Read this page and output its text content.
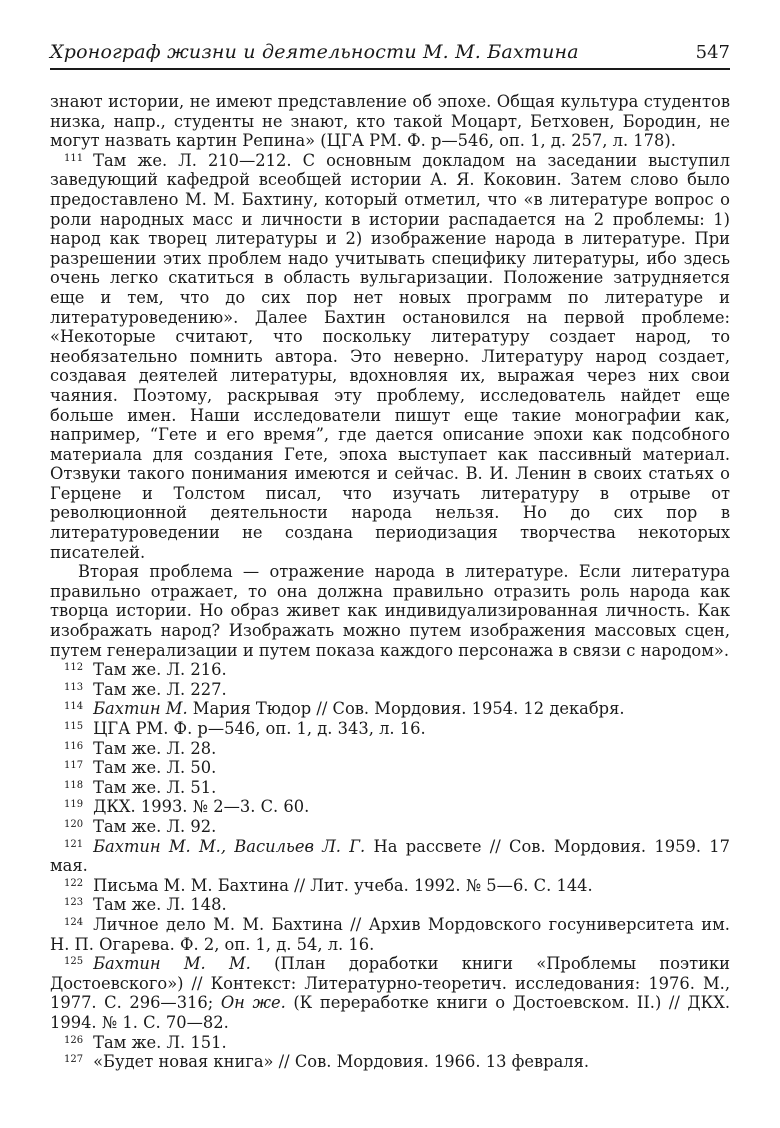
Хронограф жизни и деятельности М. М. Бахтина	547

знают истории, не имеют представление об эпохе. Общая культура студентов низка, напр., студенты не знают, кто такой Моцарт, Бетховен, Бородин, не могут назвать картин Репина» (ЦГА РМ. Ф. р—546, оп. 1, д. 257, л. 178).

$^{111}$ Там же. Л. 210—212. С основным докладом на заседании выступил заведующий кафедрой всеобщей истории А. Я. Коковин. Затем слово было предоставлено М. М. Бахтину, который отметил, что «в литературе вопрос о роли народных масс и личности в истории распадается на 2 проблемы: 1) народ как творец литературы и 2) изображение народа в литературе. При разрешении этих проблем надо учитывать специфику литературы, ибо здесь очень легко скатиться в область вульгаризации. Положение затрудняется еще и тем, что до сих пор нет новых программ по литературе и литературоведению». Далее Бахтин остановился на первой проблеме: «Некоторые считают, что поскольку литературу создает народ, то необязательно помнить автора. Это неверно. Литературу народ создает, создавая деятелей литературы, вдохновляя их, выражая через них свои чаяния. Поэтому, раскрывая эту проблему, исследователь найдет еще больше имен. Наши исследователи пишут еще такие монографии как, например, “Гете и его время”, где дается описание эпохи как подсобного материала для создания Гете, эпоха выступает как пассивный материал. Отзвуки такого понимания имеются и сейчас. В. И. Ленин в своих статьях о Герцене и Толстом писал, что изучать литературу в отрыве от революционной деятельности народа нельзя. Но до сих пор в литературоведении не создана периодизация творчества некоторых писателей.

Вторая проблема — отражение народа в литературе. Если литература правильно отражает, то она должна правильно отразить роль народа как творца истории. Но образ живет как индивидуализированная личность. Как изображать народ? Изображать можно путем изображения массовых сцен, путем генерализации и путем показа каждого персонажа в связи с народом».

$^{112}$ Там же. Л. 216.

$^{113}$ Там же. Л. 227.

$^{114}$ Бахтин М. Мария Тюдор // Сов. Мордовия. 1954. 12 декабря.

$^{115}$ ЦГА РМ. Ф. р—546, оп. 1, д. 343, л. 16.

$^{116}$ Там же. Л. 28.

$^{117}$ Там же. Л. 50.

$^{118}$ Там же. Л. 51.

$^{119}$ ДКХ. 1993. № 2—3. С. 60.

$^{120}$ Там же. Л. 92.

$^{121}$ Бахтин М. М., Васильев Л. Г. На рассвете // Сов. Мордовия. 1959. 17 мая.

$^{122}$ Письма М. М. Бахтина // Лит. учеба. 1992. № 5—6. С. 144.

$^{123}$ Там же. Л. 148.

$^{124}$ Личное дело М. М. Бахтина // Архив Мордовского госуниверситета им. Н. П. Огарева. Ф. 2, оп. 1, д. 54, л. 16.

$^{125}$ Бахтин М. М. (План доработки книги «Проблемы поэтики Достоевского») // Контекст: Литературно-теоретич. исследования: 1976. М., 1977. С. 296—316; Он же. (К переработке книги о Достоевском. II.) // ДКХ. 1994. № 1. С. 70—82.

$^{126}$ Там же. Л. 151.

$^{127}$ «Будет новая книга» // Сов. Мордовия. 1966. 13 февраля.
